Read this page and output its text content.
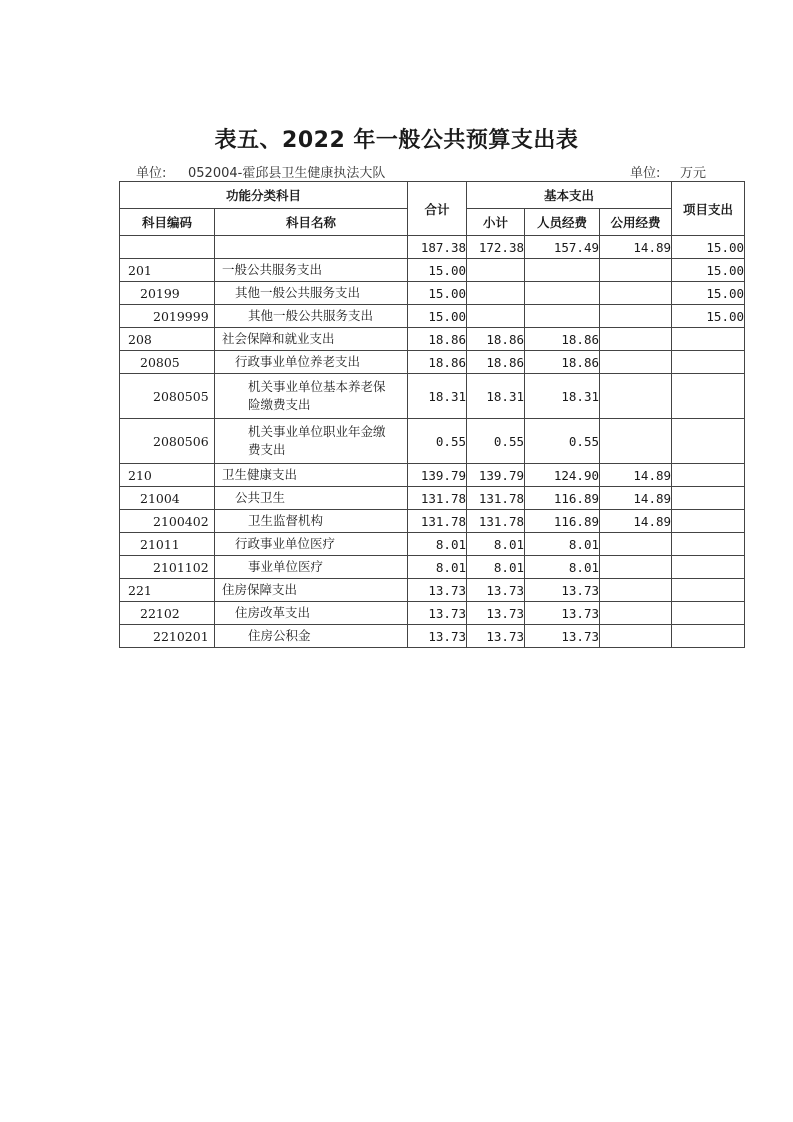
表五、2022 年一般公共预算支出表
单位: 052004-霍邱县卫生健康执法大队	单位: 万元
功能分类科目		合计	基本支出			项目支出
科目编码	科目名称		小计	人员经费	公用经费	
		187.38	172.38	157.49	14.89	15.00
201	一般公共服务支出	15.00				15.00
20199	其他一般公共服务支出	15.00				15.00
2019999	其他一般公共服务支出	15.00				15.00
208	社会保障和就业支出	18.86	18.86	18.86		
20805	行政事业单位养老支出	18.86	18.86	18.86		
2080505	机关事业单位基本养老保险缴费支出	18.31	18.31	18.31		
2080506	机关事业单位职业年金缴费支出	0.55	0.55	0.55		
210	卫生健康支出	139.79	139.79	124.90	14.89	
21004	公共卫生	131.78	131.78	116.89	14.89	
2100402	卫生监督机构	131.78	131.78	116.89	14.89	
21011	行政事业单位医疗	8.01	8.01	8.01		
2101102	事业单位医疗	8.01	8.01	8.01		
221	住房保障支出	13.73	13.73	13.73		
22102	住房改革支出	13.73	13.73	13.73		
2210201	住房公积金	13.73	13.73	13.73		
